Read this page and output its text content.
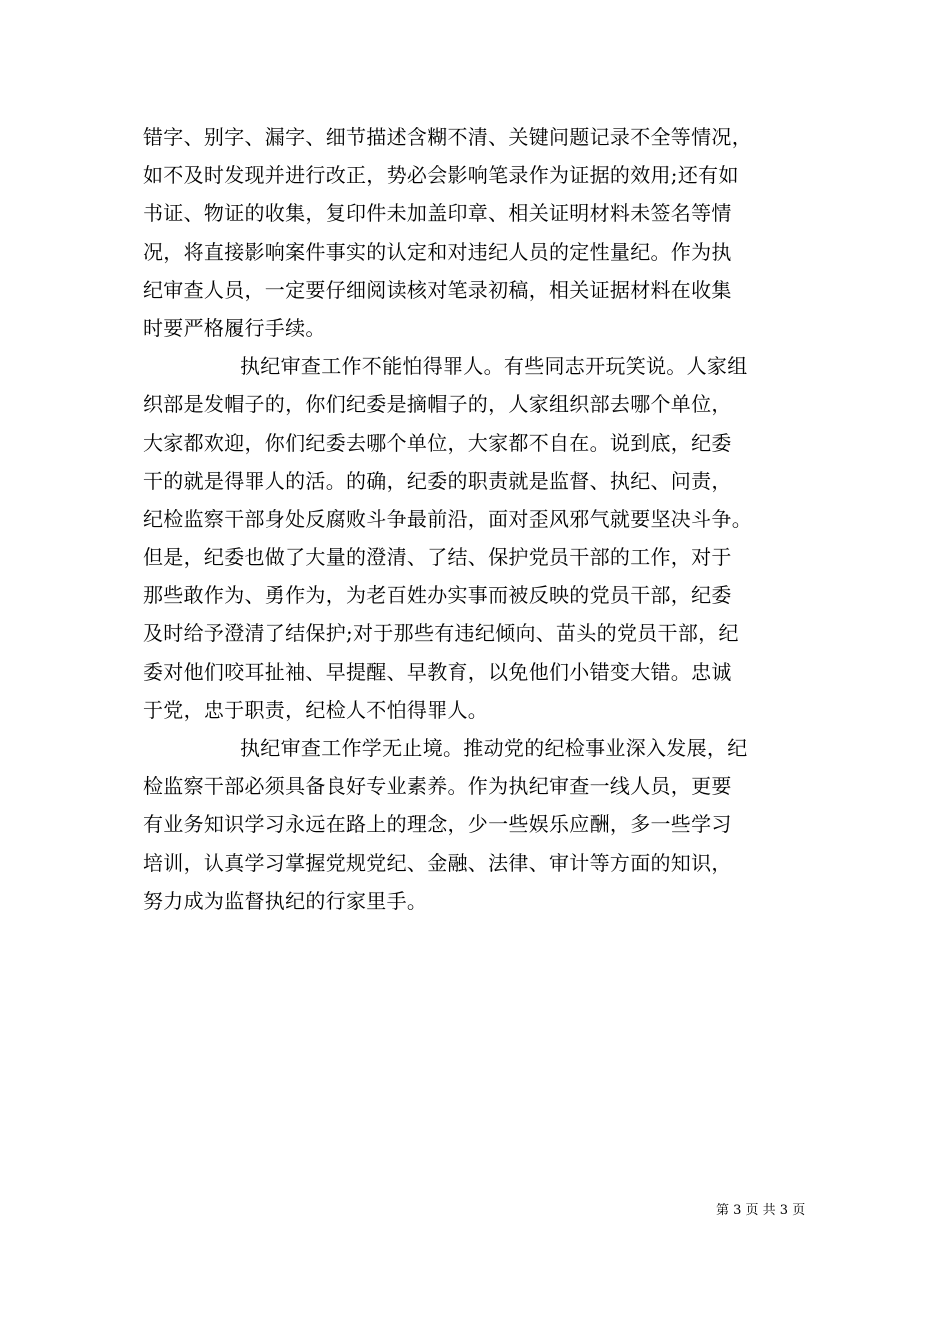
错字、别字、漏字、细节描述含糊不清、关键问题记录不全等情况，
如不及时发现并进行改正，势必会影响笔录作为证据的效用;还有如
书证、物证的收集，复印件未加盖印章、相关证明材料未签名等情
况，将直接影响案件事实的认定和对违纪人员的定性量纪。作为执
纪审查人员，一定要仔细阅读核对笔录初稿，相关证据材料在收集
时要严格履行手续。
执纪审查工作不能怕得罪人。有些同志开玩笑说。人家组
织部是发帽子的，你们纪委是摘帽子的，人家组织部去哪个单位，
大家都欢迎，你们纪委去哪个单位，大家都不自在。说到底，纪委
干的就是得罪人的活。的确，纪委的职责就是监督、执纪、问责，
纪检监察干部身处反腐败斗争最前沿，面对歪风邪气就要坚决斗争。
但是，纪委也做了大量的澄清、了结、保护党员干部的工作，对于
那些敢作为、勇作为，为老百姓办实事而被反映的党员干部，纪委
及时给予澄清了结保护;对于那些有违纪倾向、苗头的党员干部，纪
委对他们咬耳扯袖、早提醒、早教育，以免他们小错变大错。忠诚
于党，忠于职责，纪检人不怕得罪人。
执纪审查工作学无止境。推动党的纪检事业深入发展，纪
检监察干部必须具备良好专业素养。作为执纪审查一线人员，更要
有业务知识学习永远在路上的理念，少一些娱乐应酬，多一些学习
培训，认真学习掌握党规党纪、金融、法律、审计等方面的知识，
努力成为监督执纪的行家里手。
第 3 页 共 3 页
